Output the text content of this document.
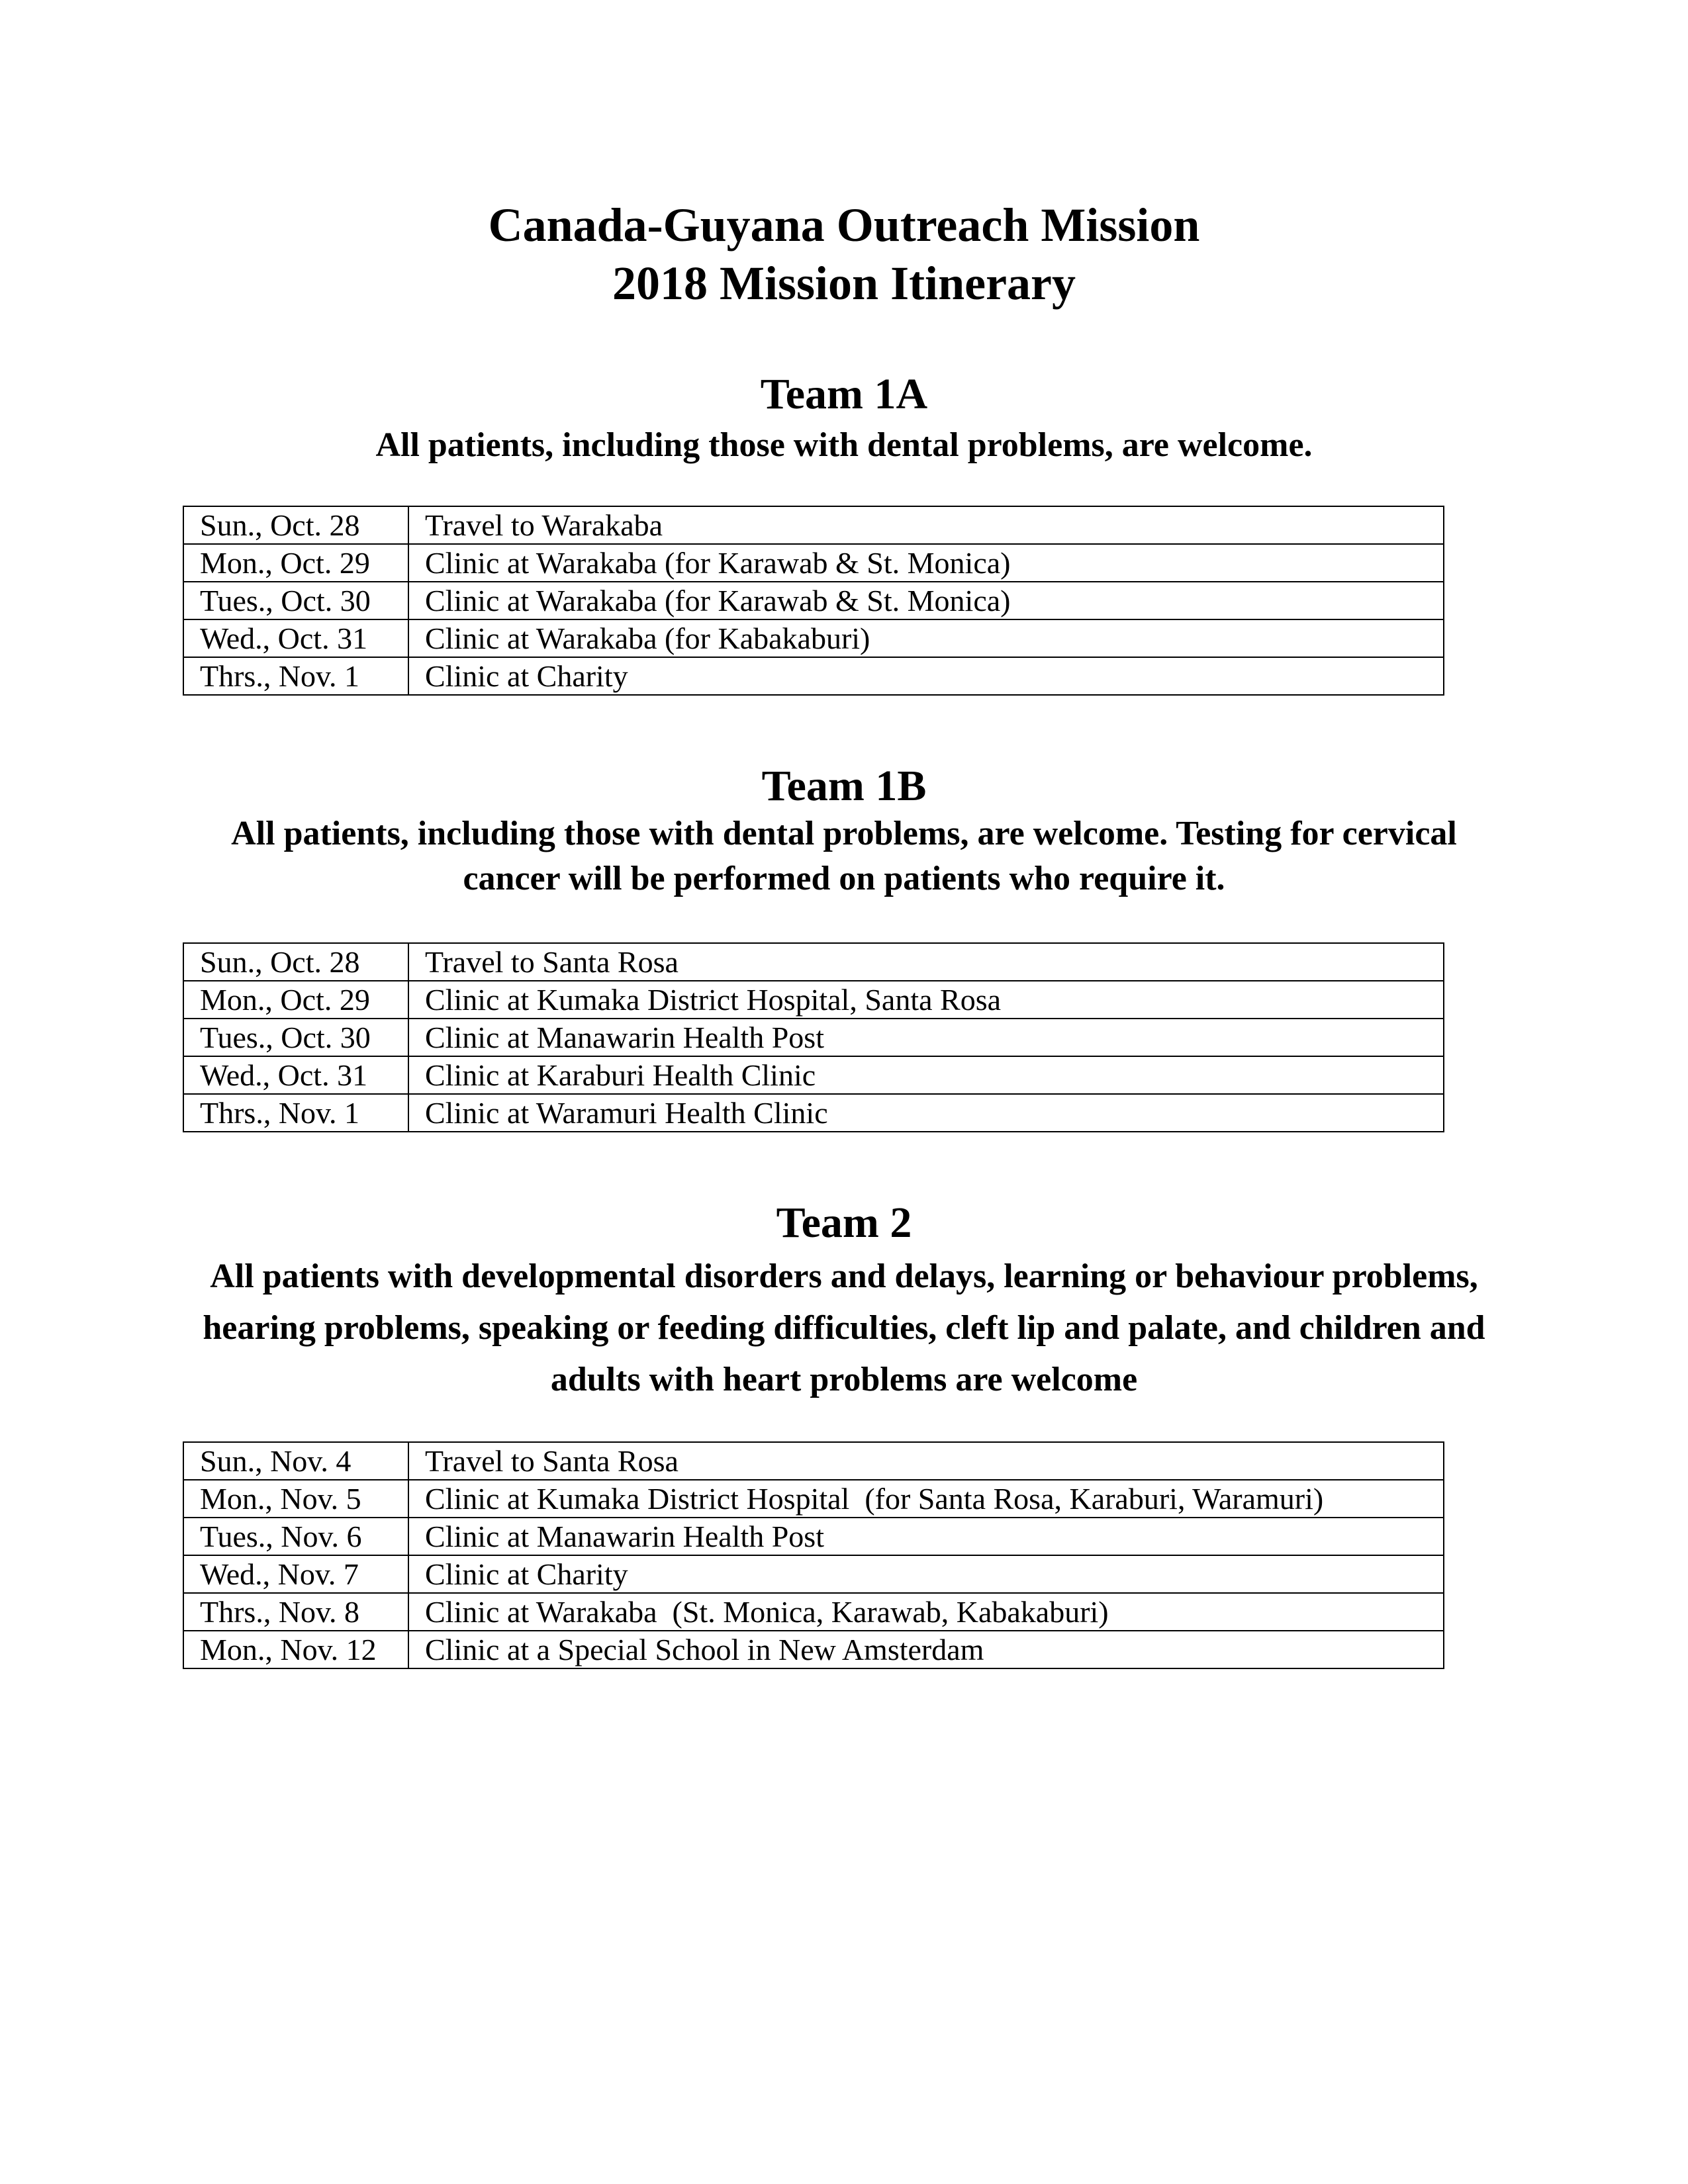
Canada-Guyana Outreach Mission
2018 Mission Itinerary
Team 1A

All patients, including those with dental problems, are welcome.

Sun., Oct. 28	Travel to Warakaba
Mon., Oct. 29	Clinic at Warakaba (for Karawab & St. Monica)
Tues., Oct. 30	Clinic at Warakaba (for Karawab & St. Monica)
Wed., Oct. 31	Clinic at Warakaba (for Kabakaburi)
Thrs., Nov. 1	Clinic at Charity
Team 1B

All patients, including those with dental problems, are welcome. Testing for cervical cancer will be performed on patients who require it.

Sun., Oct. 28	Travel to Santa Rosa
Mon., Oct. 29	Clinic at Kumaka District Hospital, Santa Rosa
Tues., Oct. 30	Clinic at Manawarin Health Post
Wed., Oct. 31	Clinic at Karaburi Health Clinic
Thrs., Nov. 1	Clinic at Waramuri Health Clinic
Team 2

All patients with developmental disorders and delays, learning or behaviour problems, hearing problems, speaking or feeding difficulties, cleft lip and palate, and children and adults with heart problems are welcome

Sun., Nov. 4	Travel to Santa Rosa
Mon., Nov. 5	Clinic at Kumaka District Hospital  (for Santa Rosa, Karaburi, Waramuri)
Tues., Nov. 6	Clinic at Manawarin Health Post
Wed., Nov. 7	Clinic at Charity
Thrs., Nov. 8	Clinic at Warakaba  (St. Monica, Karawab, Kabakaburi)
Mon., Nov. 12	Clinic at a Special School in New Amsterdam
